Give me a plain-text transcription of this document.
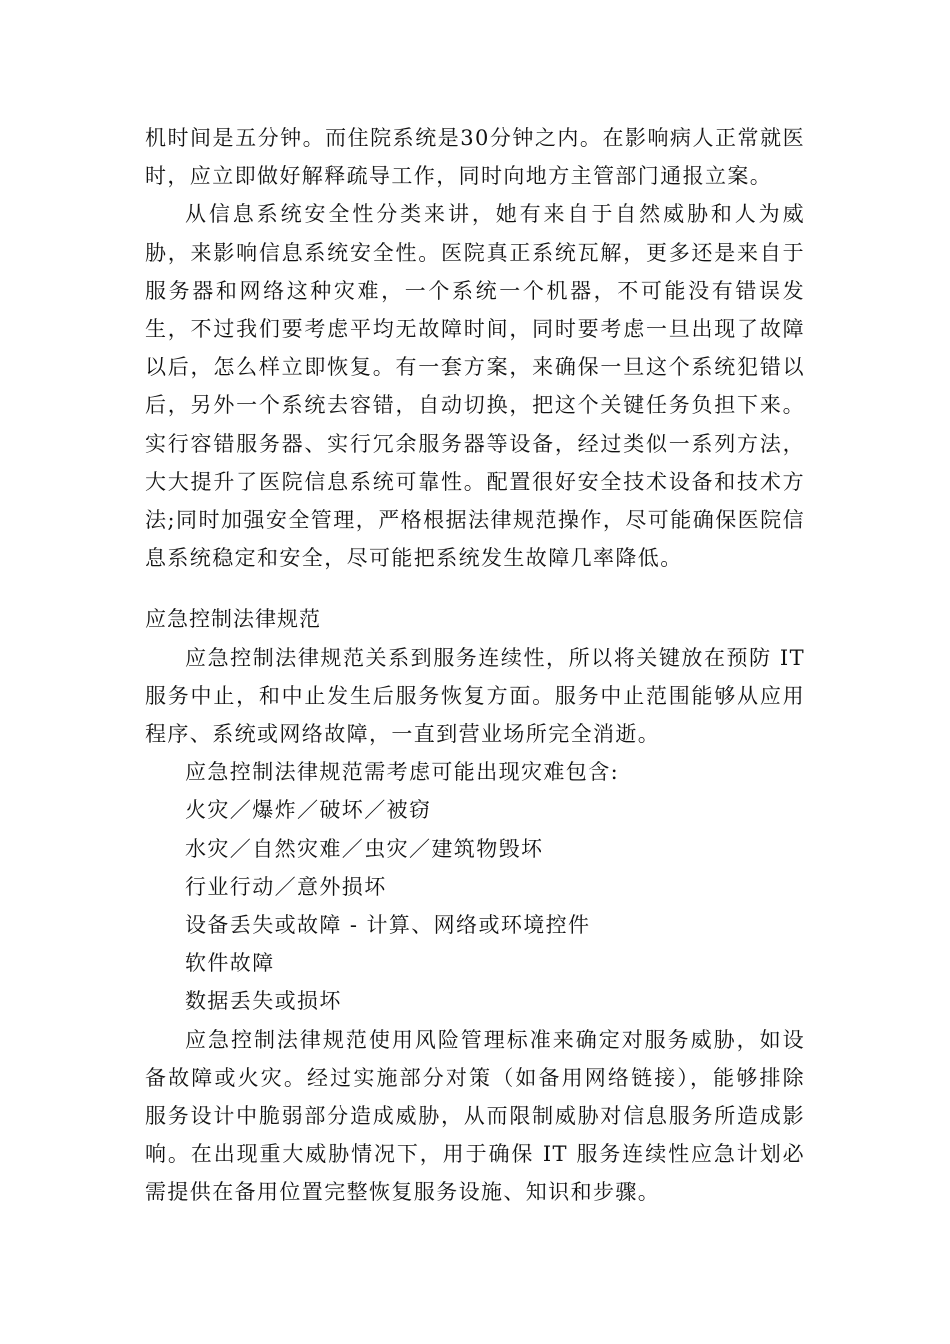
机时间是五分钟。而住院系统是30分钟之内。在影响病人正常就医时，应立即做好解释疏导工作，同时向地方主管部门通报立案。

从信息系统安全性分类来讲，她有来自于自然威胁和人为威胁，来影响信息系统安全性。医院真正系统瓦解，更多还是来自于服务器和网络这种灾难，一个系统一个机器，不可能没有错误发生，不过我们要考虑平均无故障时间，同时要考虑一旦出现了故障以后，怎么样立即恢复。有一套方案，来确保一旦这个系统犯错以后，另外一个系统去容错，自动切换，把这个关键任务负担下来。实行容错服务器、实行冗余服务器等设备，经过类似一系列方法，大大提升了医院信息系统可靠性。配置很好安全技术设备和技术方法;同时加强安全管理，严格根据法律规范操作，尽可能确保医院信息系统稳定和安全，尽可能把系统发生故障几率降低。

应急控制法律规范

应急控制法律规范关系到服务连续性，所以将关键放在预防 IT 服务中止，和中止发生后服务恢复方面。服务中止范围能够从应用程序、系统或网络故障，一直到营业场所完全消逝。

应急控制法律规范需考虑可能出现灾难包含:

火灾／爆炸／破坏／被窃

水灾／自然灾难／虫灾／建筑物毁坏

行业行动／意外损坏

设备丢失或故障 - 计算、网络或环境控件

软件故障

数据丢失或损坏

应急控制法律规范使用风险管理标准来确定对服务威胁，如设备故障或火灾。经过实施部分对策（如备用网络链接），能够排除服务设计中脆弱部分造成威胁，从而限制威胁对信息服务所造成影响。在出现重大威胁情况下，用于确保 IT 服务连续性应急计划必需提供在备用位置完整恢复服务设施、知识和步骤。
